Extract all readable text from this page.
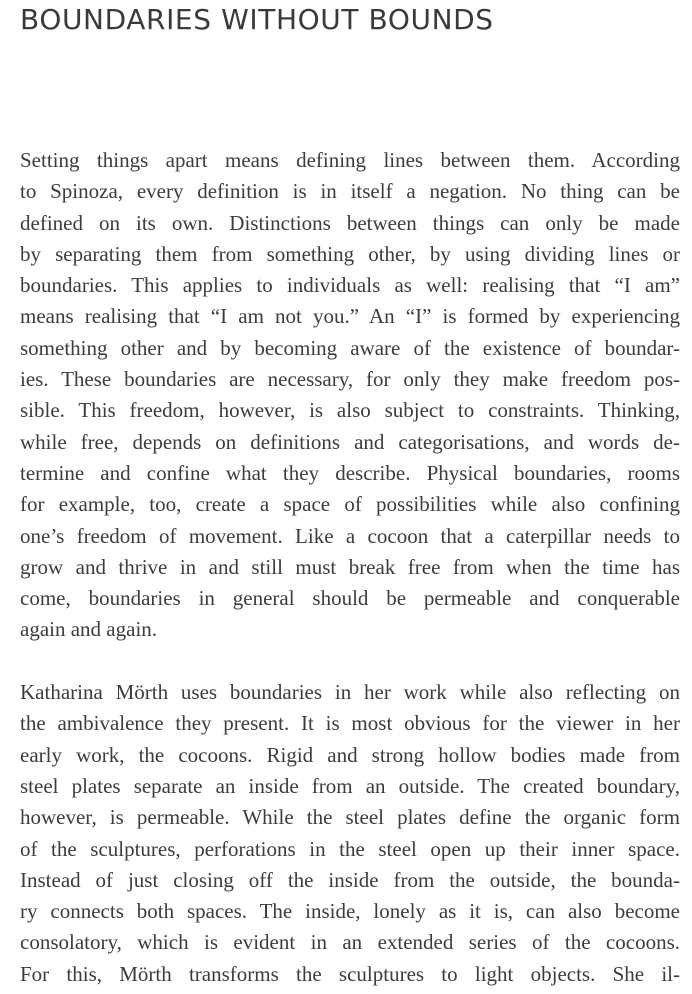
BOUNDARIES WITHOUT BOUNDS
Setting things apart means defining lines between them. According
to Spinoza, every definition is in itself a negation. No thing can be
defined on its own. Distinctions between things can only be made
by separating them from something other, by using dividing lines or
boundaries. This applies to individuals as well: realising that “I am”
means realising that “I am not you.” An “I” is formed by experiencing
something other and by becoming aware of the existence of boundar-
ies. These boundaries are necessary, for only they make freedom pos-
sible. This freedom, however, is also subject to constraints. Thinking,
while free, depends on definitions and categorisations, and words de-
termine and confine what they describe. Physical boundaries, rooms
for example, too, create a space of possibilities while also confining
one’s freedom of movement. Like a cocoon that a caterpillar needs to
grow and thrive in and still must break free from when the time has
come, boundaries in general should be permeable and conquerable
again and again.
Katharina Mörth uses boundaries in her work while also reflecting on
the ambivalence they present. It is most obvious for the viewer in her
early work, the cocoons. Rigid and strong hollow bodies made from
steel plates separate an inside from an outside. The created boundary,
however, is permeable. While the steel plates define the organic form
of the sculptures, perforations in the steel open up their inner space.
Instead of just closing off the inside from the outside, the bounda-
ry connects both spaces. The inside, lonely as it is, can also become
consolatory, which is evident in an extended series of the cocoons.
For this, Mörth transforms the sculptures to light objects. She il-
